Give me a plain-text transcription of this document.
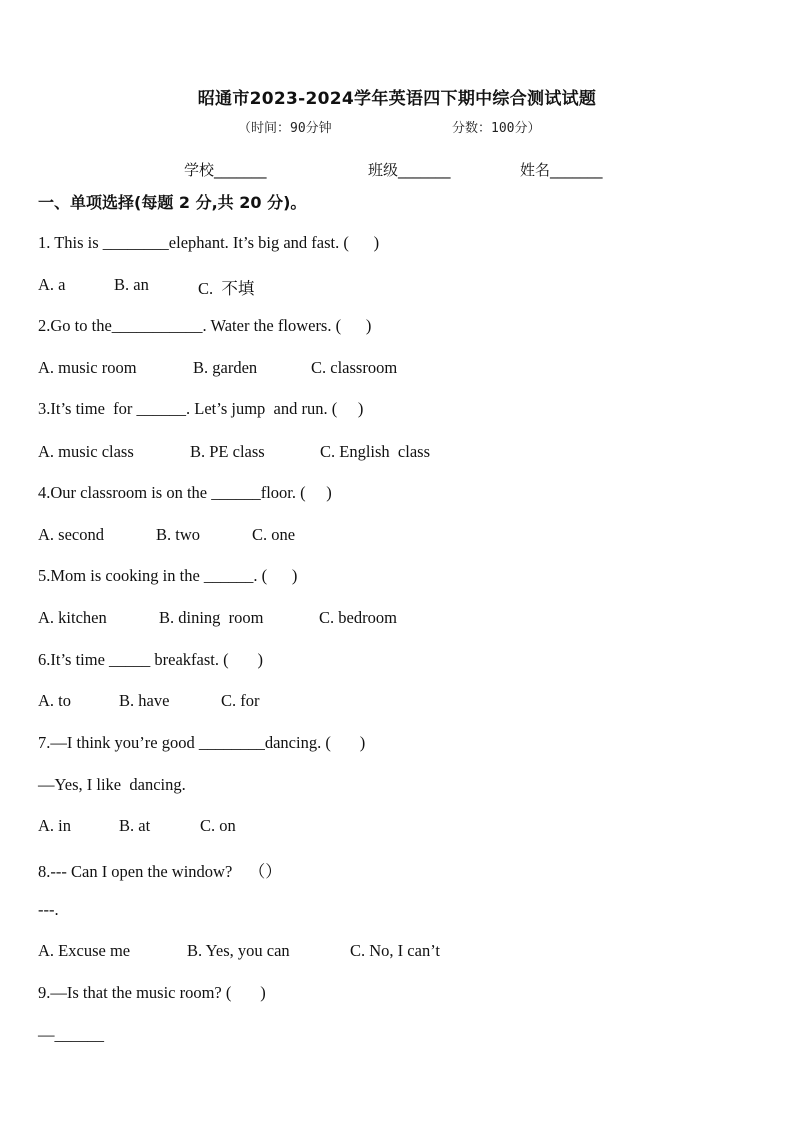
昭通市2023-2024学年英语四下期中综合测试试题
（时间：90分钟	分数：100分）
学校_______	班级_______	姓名_______
一、单项选择(每题 2 分,共 20 分)。
1. This is ________elephant. It’s big and fast. (      )
A. a	B. an	C.  不填
2.Go to the___________. Water the flowers. (      )
A. music room	B. garden	C. classroom
3.It’s time  for ______. Let’s jump  and run. (     )
A. music class	B. PE class	C. English  class
4.Our classroom is on the ______floor. (     )
A. second	B. two	C. one
5.Mom is cooking in the ______. (      )
A. kitchen	B. dining  room	C. bedroom
6.It’s time _____ breakfast. (       )
A. to	B. have	C. for
7.—I think you’re good ________dancing. (       )
—Yes, I like  dancing.
A. in	B. at	C. on
8.--- Can I open the window?    （）
---.
A. Excuse me	B. Yes, you can	C. No, I can’t
9.—Is that the music room? (       )
—______
